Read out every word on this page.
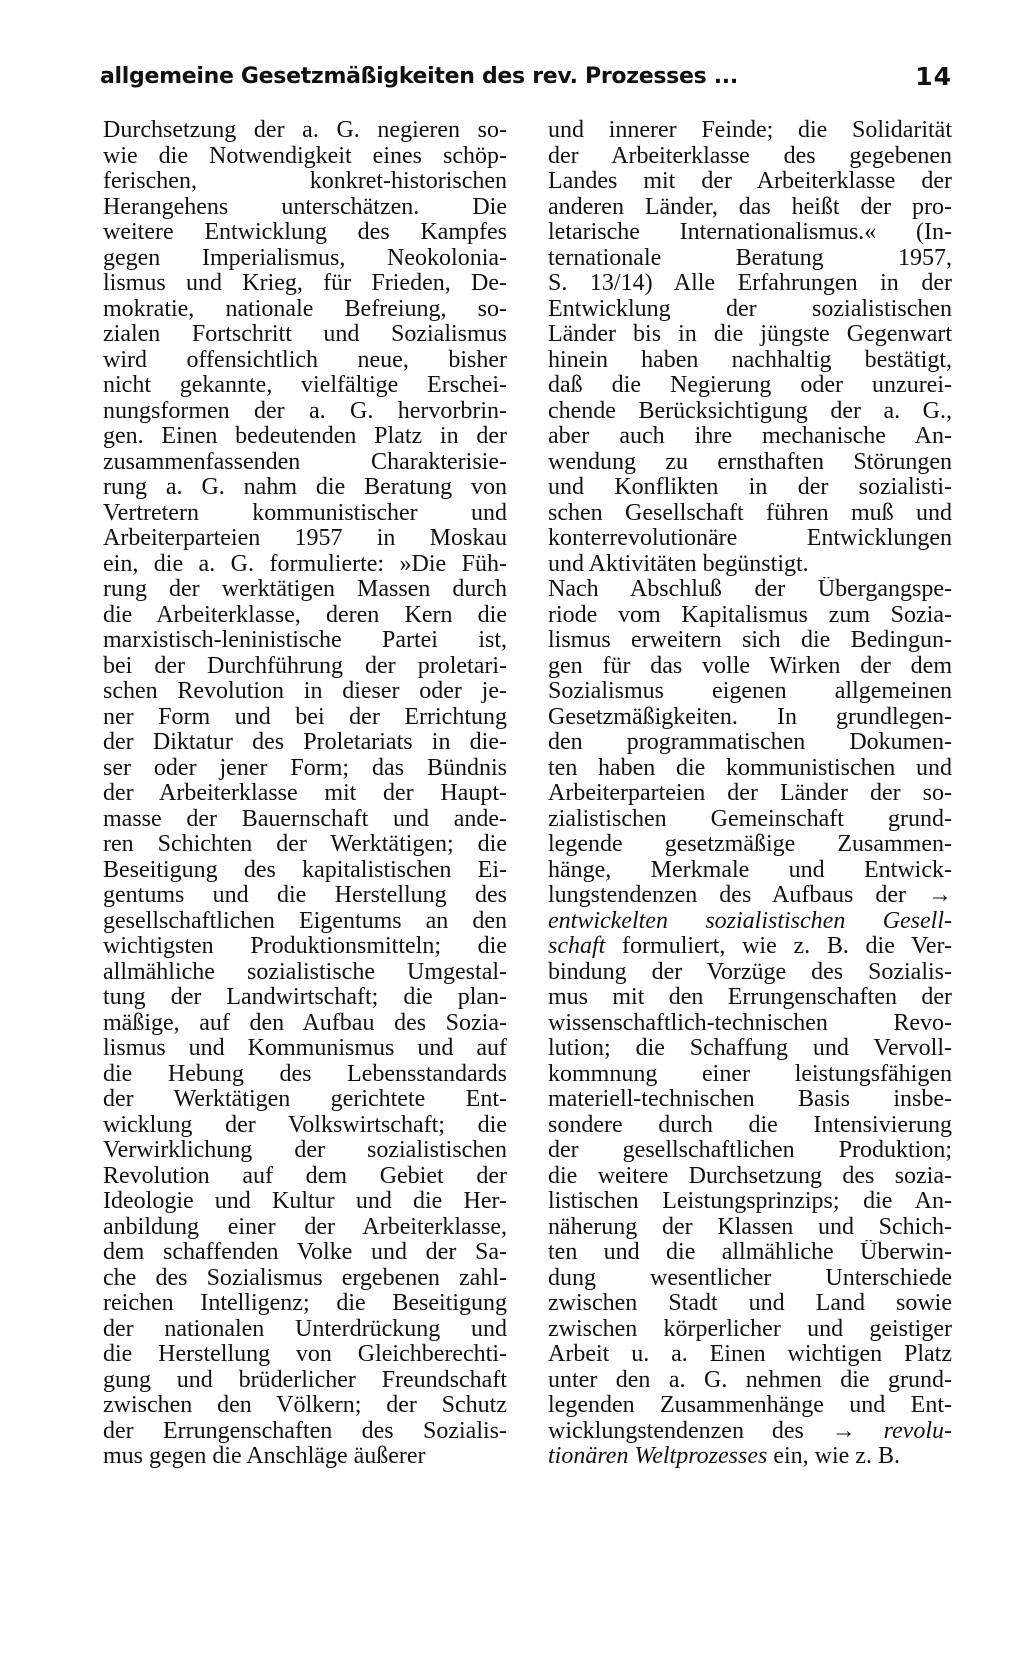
allgemeine Gesetzmäßigkeiten des rev. Prozesses ...	14
Durchsetzung der a. G. negieren so-
wie die Notwendigkeit eines schöp-
ferischen, konkret-historischen
Herangehens unterschätzen. Die
weitere Entwicklung des Kampfes
gegen Imperialismus, Neokolonia-
lismus und Krieg, für Frieden, De-
mokratie, nationale Befreiung, so-
zialen Fortschritt und Sozialismus
wird offensichtlich neue, bisher
nicht gekannte, vielfältige Erschei-
nungsformen der a. G. hervorbrin-
gen. Einen bedeutenden Platz in der
zusammenfassenden Charakterisie-
rung a. G. nahm die Beratung von
Vertretern kommunistischer und
Arbeiterparteien 1957 in Moskau
ein, die a. G. formulierte: »Die Füh-
rung der werktätigen Massen durch
die Arbeiterklasse, deren Kern die
marxistisch-leninistische Partei ist,
bei der Durchführung der proletari-
schen Revolution in dieser oder je-
ner Form und bei der Errichtung
der Diktatur des Proletariats in die-
ser oder jener Form; das Bündnis
der Arbeiterklasse mit der Haupt-
masse der Bauernschaft und ande-
ren Schichten der Werktätigen; die
Beseitigung des kapitalistischen Ei-
gentums und die Herstellung des
gesellschaftlichen Eigentums an den
wichtigsten Produktionsmitteln; die
allmähliche sozialistische Umgestal-
tung der Landwirtschaft; die plan-
mäßige, auf den Aufbau des Sozia-
lismus und Kommunismus und auf
die Hebung des Lebensstandards
der Werktätigen gerichtete Ent-
wicklung der Volkswirtschaft; die
Verwirklichung der sozialistischen
Revolution auf dem Gebiet der
Ideologie und Kultur und die Her-
anbildung einer der Arbeiterklasse,
dem schaffenden Volke und der Sa-
che des Sozialismus ergebenen zahl-
reichen Intelligenz; die Beseitigung
der nationalen Unterdrückung und
die Herstellung von Gleichberechti-
gung und brüderlicher Freundschaft
zwischen den Völkern; der Schutz
der Errungenschaften des Sozialis-
mus gegen die Anschläge äußerer
und innerer Feinde; die Solidarität
der Arbeiterklasse des gegebenen
Landes mit der Arbeiterklasse der
anderen Länder, das heißt der pro-
letarische Internationalismus.« (In-
ternationale Beratung 1957,
S. 13/14) Alle Erfahrungen in der
Entwicklung der sozialistischen
Länder bis in die jüngste Gegenwart
hinein haben nachhaltig bestätigt,
daß die Negierung oder unzurei-
chende Berücksichtigung der a. G.,
aber auch ihre mechanische An-
wendung zu ernsthaften Störungen
und Konflikten in der sozialisti-
schen Gesellschaft führen muß und
konterrevolutionäre Entwicklungen
und Aktivitäten begünstigt.
Nach Abschluß der Übergangspe-
riode vom Kapitalismus zum Sozia-
lismus erweitern sich die Bedingun-
gen für das volle Wirken der dem
Sozialismus eigenen allgemeinen
Gesetzmäßigkeiten. In grundlegen-
den programmatischen Dokumen-
ten haben die kommunistischen und
Arbeiterparteien der Länder der so-
zialistischen Gemeinschaft grund-
legende gesetzmäßige Zusammen-
hänge, Merkmale und Entwick-
lungstendenzen des Aufbaus der →
entwickelten sozialistischen Gesell-
schaft formuliert, wie z. B. die Ver-
bindung der Vorzüge des Sozialis-
mus mit den Errungenschaften der
wissenschaftlich-technischen Revo-
lution; die Schaffung und Vervoll-
kommnung einer leistungsfähigen
materiell-technischen Basis insbe-
sondere durch die Intensivierung
der gesellschaftlichen Produktion;
die weitere Durchsetzung des sozia-
listischen Leistungsprinzips; die An-
näherung der Klassen und Schich-
ten und die allmähliche Überwin-
dung wesentlicher Unterschiede
zwischen Stadt und Land sowie
zwischen körperlicher und geistiger
Arbeit u. a. Einen wichtigen Platz
unter den a. G. nehmen die grund-
legenden Zusammenhänge und Ent-
wicklungstendenzen des → revolu-
tionären Weltprozesses ein, wie z. B.
